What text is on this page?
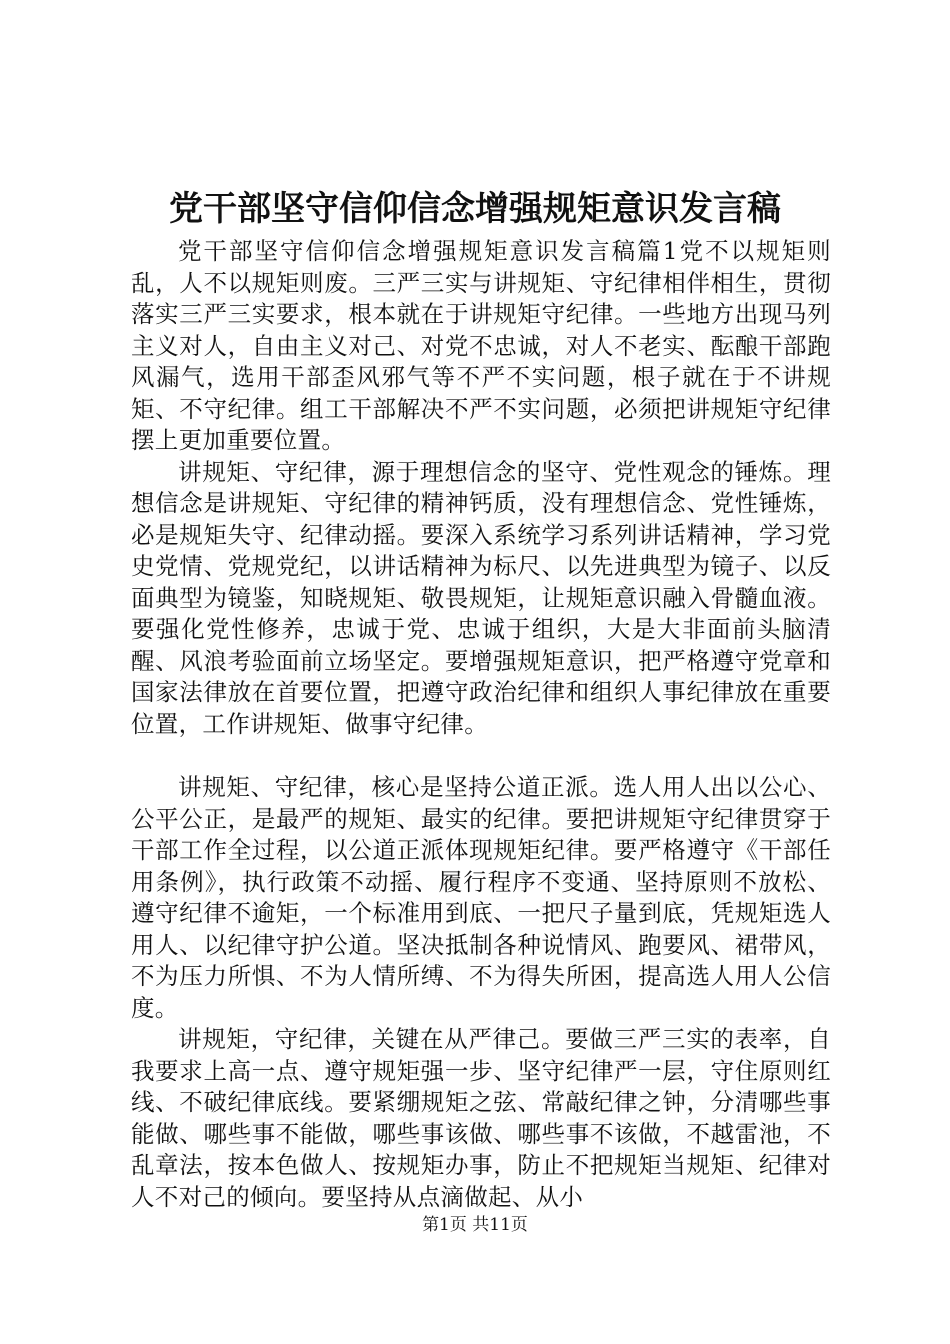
党干部坚守信仰信念增强规矩意识发言稿

党干部坚守信仰信念增强规矩意识发言稿篇1党不以规矩则乱，人不以规矩则废。三严三实与讲规矩、守纪律相伴相生，贯彻落实三严三实要求，根本就在于讲规矩守纪律。一些地方出现马列主义对人，自由主义对己、对党不忠诚，对人不老实、酝酿干部跑风漏气，选用干部歪风邪气等不严不实问题，根子就在于不讲规矩、不守纪律。组工干部解决不严不实问题，必须把讲规矩守纪律摆上更加重要位置。

讲规矩、守纪律，源于理想信念的坚守、党性观念的锤炼。理想信念是讲规矩、守纪律的精神钙质，没有理想信念、党性锤炼，必是规矩失守、纪律动摇。要深入系统学习系列讲话精神，学习党史党情、党规党纪，以讲话精神为标尺、以先进典型为镜子、以反面典型为镜鉴，知晓规矩、敬畏规矩，让规矩意识融入骨髓血液。要强化党性修养，忠诚于党、忠诚于组织，大是大非面前头脑清醒、风浪考验面前立场坚定。要增强规矩意识，把严格遵守党章和国家法律放在首要位置，把遵守政治纪律和组织人事纪律放在重要位置，工作讲规矩、做事守纪律。

讲规矩、守纪律，核心是坚持公道正派。选人用人出以公心、公平公正，是最严的规矩、最实的纪律。要把讲规矩守纪律贯穿于干部工作全过程，以公道正派体现规矩纪律。要严格遵守《干部任用条例》，执行政策不动摇、履行程序不变通、坚持原则不放松、遵守纪律不逾矩，一个标准用到底、一把尺子量到底，凭规矩选人用人、以纪律守护公道。坚决抵制各种说情风、跑要风、裙带风，不为压力所惧、不为人情所缚、不为得失所困，提高选人用人公信度。

讲规矩，守纪律，关键在从严律己。要做三严三实的表率，自我要求上高一点、遵守规矩强一步、坚守纪律严一层，守住原则红线、不破纪律底线。要紧绷规矩之弦、常敲纪律之钟，分清哪些事能做、哪些事不能做，哪些事该做、哪些事不该做，不越雷池，不乱章法，按本色做人、按规矩办事，防止不把规矩当规矩、纪律对人不对己的倾向。要坚持从点滴做起、从小

第1页 共11页
